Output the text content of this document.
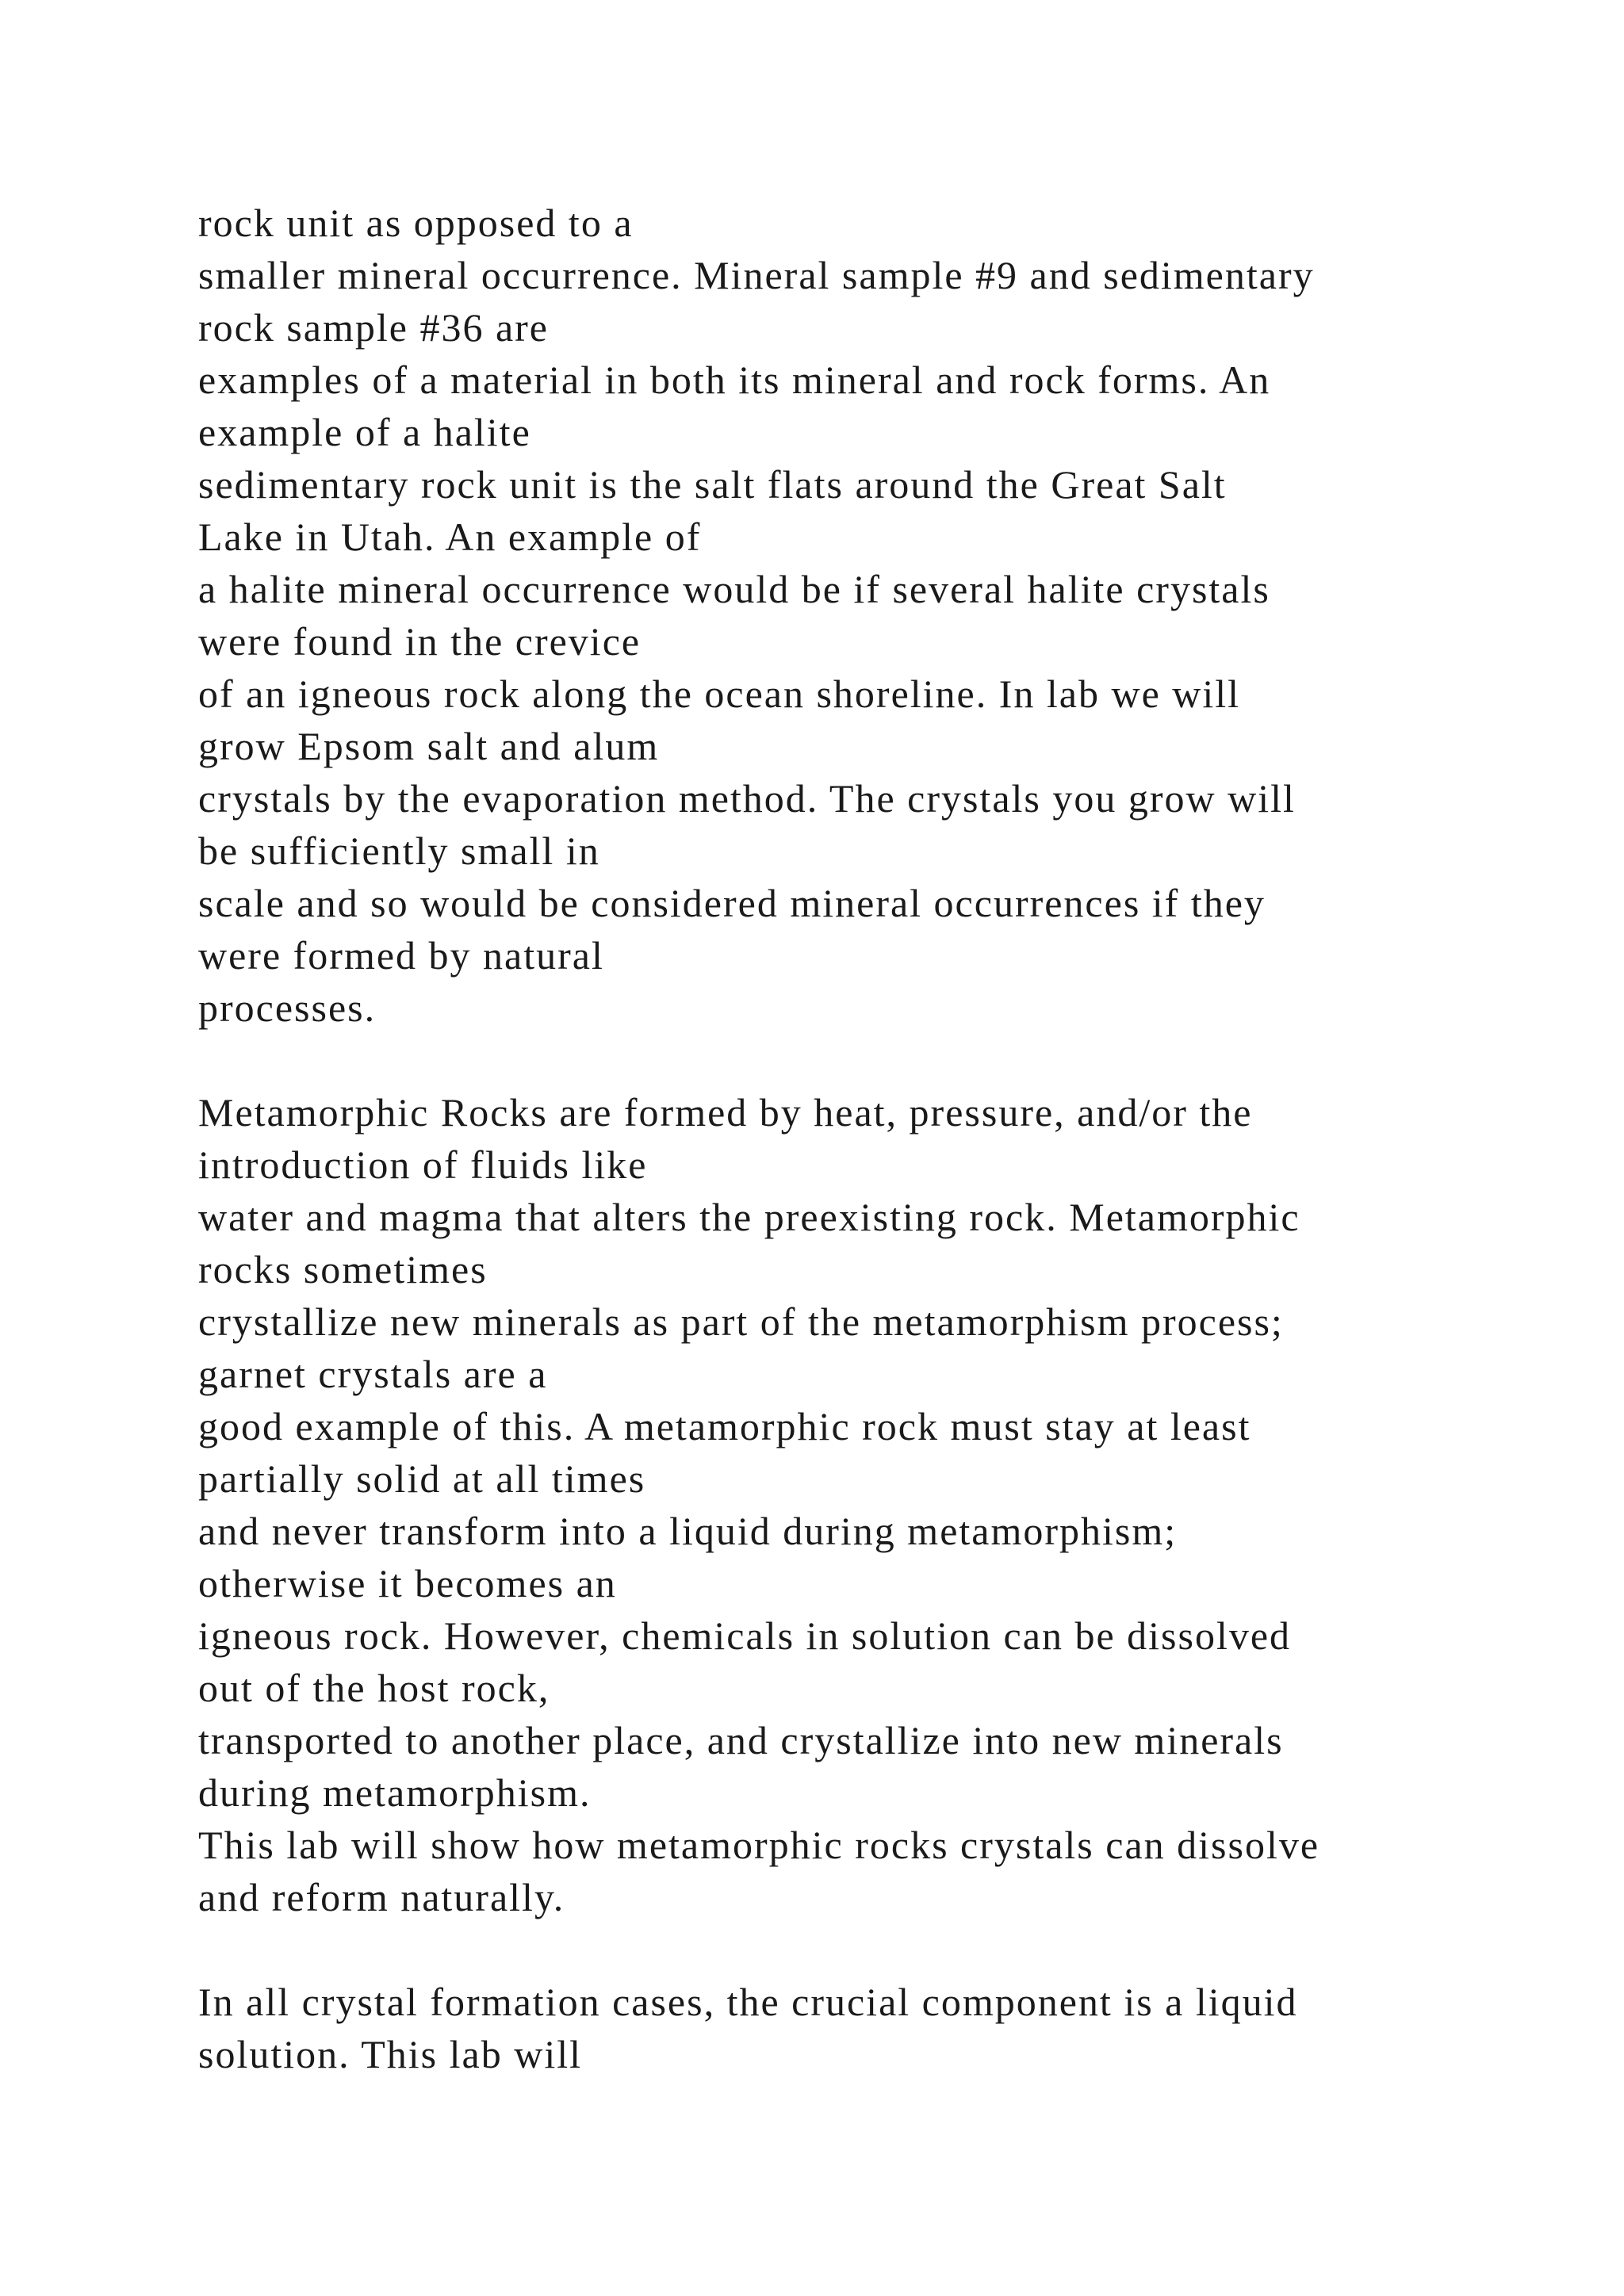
rock unit as opposed to a
smaller mineral occurrence. Mineral sample #9 and sedimentary
rock sample #36 are
examples of a material in both its mineral and rock forms. An
example of a halite
sedimentary rock unit is the salt flats around the Great Salt
Lake in Utah. An example of
a halite mineral occurrence would be if several halite crystals
were found in the crevice
of an igneous rock along the ocean shoreline. In lab we will
grow Epsom salt and alum
crystals by the evaporation method. The crystals you grow will
be sufficiently small in
scale and so would be considered mineral occurrences if they
were formed by natural
processes.
Metamorphic Rocks are formed by heat, pressure, and/or the
introduction of fluids like
water and magma that alters the preexisting rock. Metamorphic
rocks sometimes
crystallize new minerals as part of the metamorphism process;
garnet crystals are a
good example of this. A metamorphic rock must stay at least
partially solid at all times
and never transform into a liquid during metamorphism;
otherwise it becomes an
igneous rock. However, chemicals in solution can be dissolved
out of the host rock,
transported to another place, and crystallize into new minerals
during metamorphism.
This lab will show how metamorphic rocks crystals can dissolve
and reform naturally.
In all crystal formation cases, the crucial component is a liquid
solution. This lab will
